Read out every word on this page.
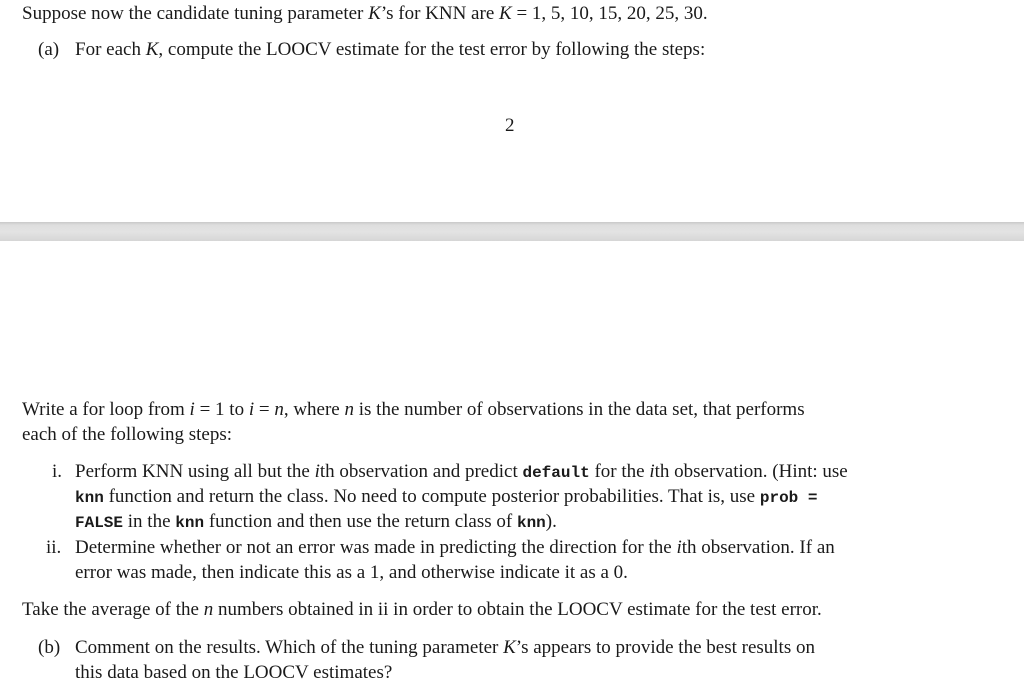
Suppose now the candidate tuning parameter K’s for KNN are K = 1, 5, 10, 15, 20, 25, 30.
(a) For each K, compute the LOOCV estimate for the test error by following the steps:
2
Write a for loop from i = 1 to i = n, where n is the number of observations in the data set, that performs
each of the following steps:
i. Perform KNN using all but the ith observation and predict default for the ith observation. (Hint: use
knn function and return the class. No need to compute posterior probabilities. That is, use prob =
FALSE in the knn function and then use the return class of knn).
ii. Determine whether or not an error was made in predicting the direction for the ith observation. If an
error was made, then indicate this as a 1, and otherwise indicate it as a 0.
Take the average of the n numbers obtained in ii in order to obtain the LOOCV estimate for the test error.
(b) Comment on the results. Which of the tuning parameter K’s appears to provide the best results on
this data based on the LOOCV estimates?
